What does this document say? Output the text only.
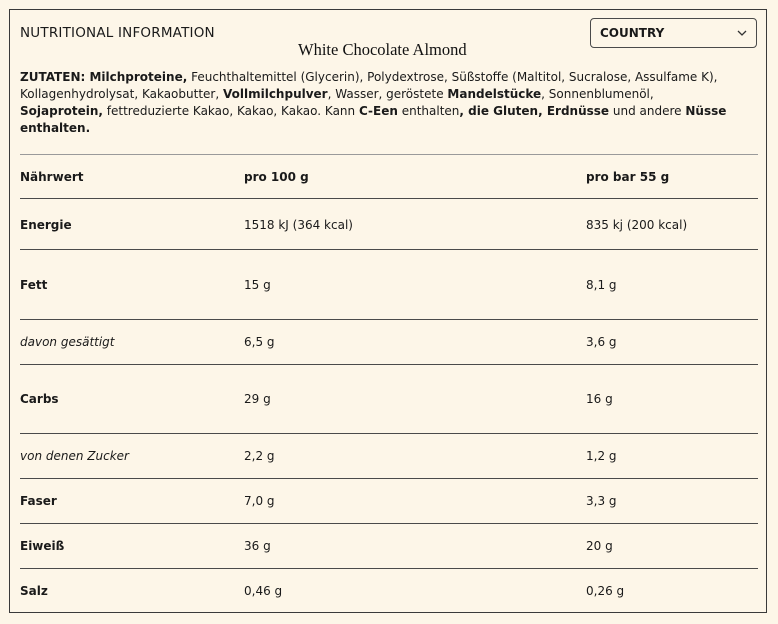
NUTRITIONAL INFORMATION
White Chocolate Almond
COUNTRY
ZUTATEN: Milchproteine, Feuchthaltemittel (Glycerin), Polydextrose, Süßstoffe (Maltitol, Sucralose, Assulfame K), Kollagenhydrolysat, Kakaobutter, Vollmilchpulver, Wasser, geröstete Mandelstücke, Sonnenblumenöl, Sojaprotein, fettreduzierte Kakao, Kakao, Kakao. Kann C-Een enthalten, die Gluten, Erdnüsse und andere Nüsse enthalten.
Nährwert	pro 100 g	pro bar 55 g
Energie	1518 kJ (364 kcal)	835 kj (200 kcal)
Fett	15 g	8,1 g
davon gesättigt	6,5 g	3,6 g
Carbs	29 g	16 g
von denen Zucker	2,2 g	1,2 g
Faser	7,0 g	3,3 g
Eiweiß	36 g	20 g
Salz	0,46 g	0,26 g
